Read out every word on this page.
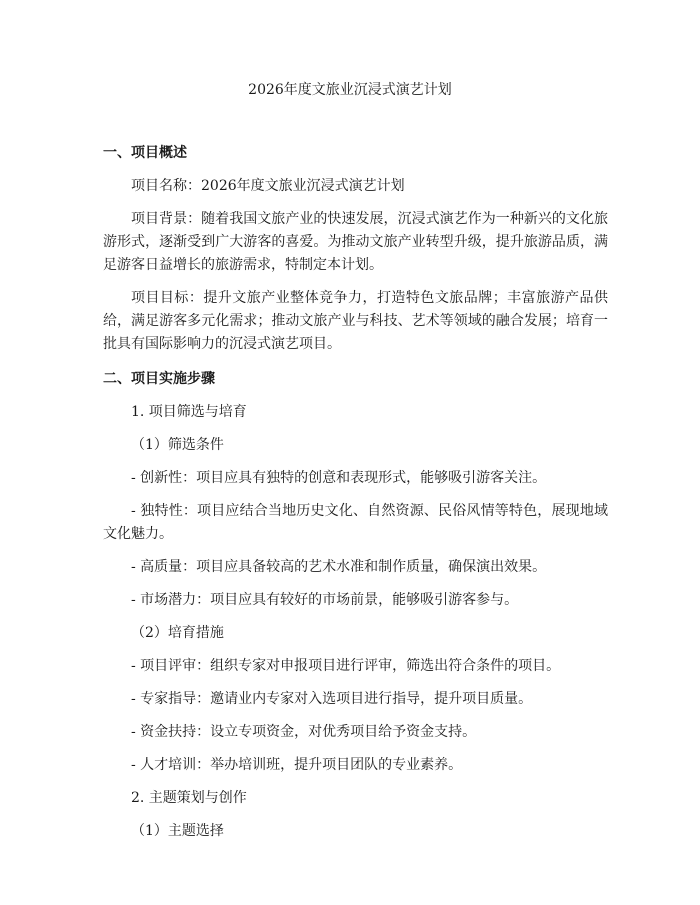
2026年度文旅业沉浸式演艺计划
一、项目概述

项目名称：2026年度文旅业沉浸式演艺计划

项目背景：随着我国文旅产业的快速发展，沉浸式演艺作为一种新兴的文化旅游形式，逐渐受到广大游客的喜爱。为推动文旅产业转型升级，提升旅游品质，满足游客日益增长的旅游需求，特制定本计划。

项目目标：提升文旅产业整体竞争力，打造特色文旅品牌；丰富旅游产品供给，满足游客多元化需求；推动文旅产业与科技、艺术等领域的融合发展；培育一批具有国际影响力的沉浸式演艺项目。

二、项目实施步骤

1. 项目筛选与培育

（1）筛选条件

- 创新性：项目应具有独特的创意和表现形式，能够吸引游客关注。

- 独特性：项目应结合当地历史文化、自然资源、民俗风情等特色，展现地域文化魅力。

- 高质量：项目应具备较高的艺术水准和制作质量，确保演出效果。

- 市场潜力：项目应具有较好的市场前景，能够吸引游客参与。

（2）培育措施

- 项目评审：组织专家对申报项目进行评审，筛选出符合条件的项目。

- 专家指导：邀请业内专家对入选项目进行指导，提升项目质量。

- 资金扶持：设立专项资金，对优秀项目给予资金支持。

- 人才培训：举办培训班，提升项目团队的专业素养。

2. 主题策划与创作

（1）主题选择
